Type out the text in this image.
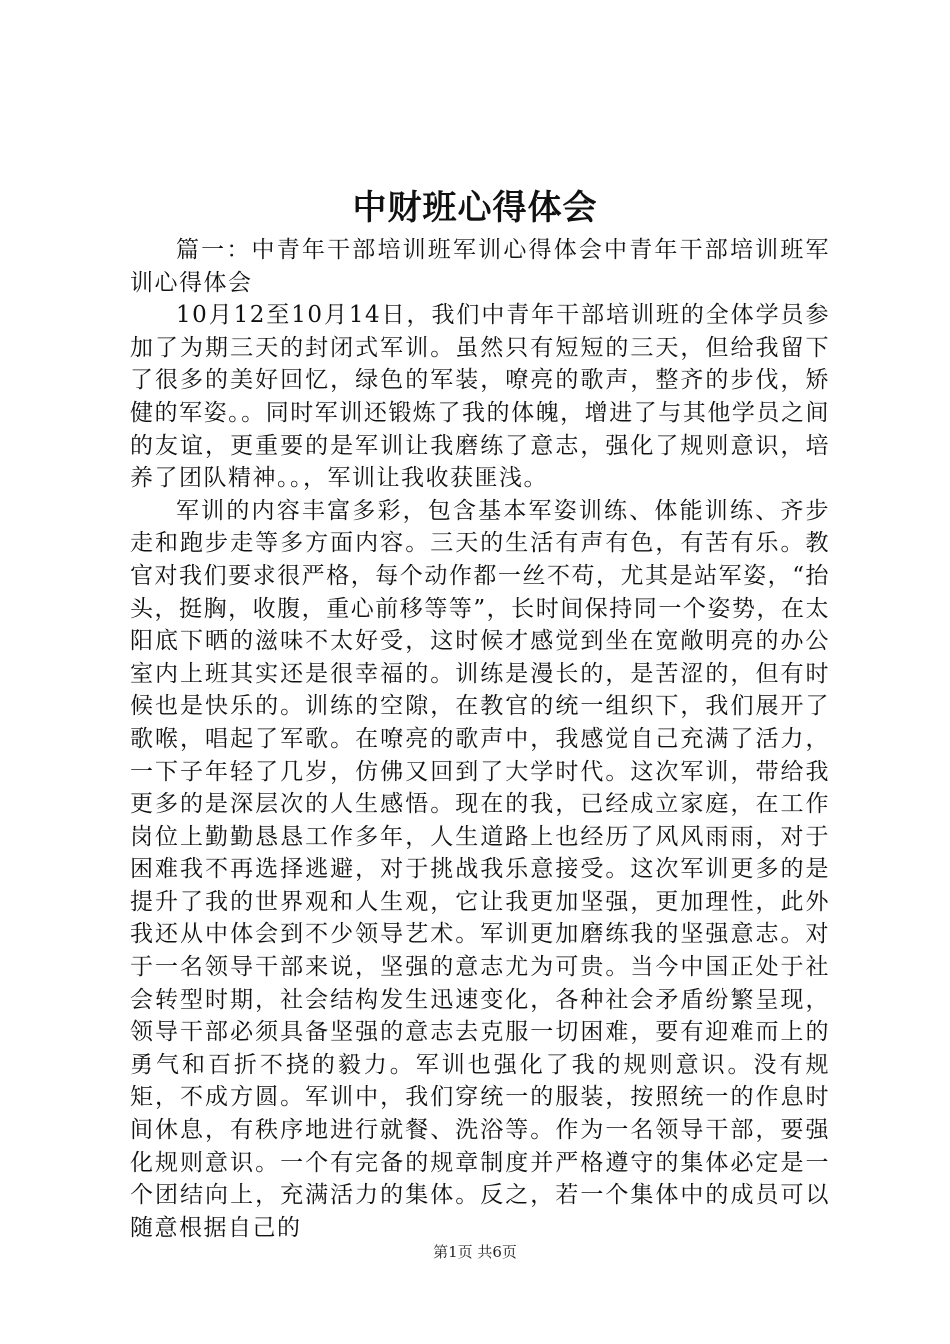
中财班心得体会

篇一：中青年干部培训班军训心得体会中青年干部培训班军训心得体会

10月12至10月14日，我们中青年干部培训班的全体学员参加了为期三天的封闭式军训。虽然只有短短的三天，但给我留下了很多的美好回忆，绿色的军装，嘹亮的歌声，整齐的步伐，矫健的军姿。。同时军训还锻炼了我的体魄，增进了与其他学员之间的友谊，更重要的是军训让我磨练了意志，强化了规则意识，培养了团队精神。。，军训让我收获匪浅。

军训的内容丰富多彩，包含基本军姿训练、体能训练、齐步走和跑步走等多方面内容。三天的生活有声有色，有苦有乐。教官对我们要求很严格，每个动作都一丝不苟，尤其是站军姿，“抬头，挺胸，收腹，重心前移等等”，长时间保持同一个姿势，在太阳底下晒的滋味不太好受，这时候才感觉到坐在宽敞明亮的办公室内上班其实还是很幸福的。训练是漫长的，是苦涩的，但有时候也是快乐的。训练的空隙，在教官的统一组织下，我们展开了歌喉，唱起了军歌。在嘹亮的歌声中，我感觉自己充满了活力，一下子年轻了几岁，仿佛又回到了大学时代。这次军训，带给我更多的是深层次的人生感悟。现在的我，已经成立家庭，在工作岗位上勤勤恳恳工作多年，人生道路上也经历了风风雨雨，对于困难我不再选择逃避，对于挑战我乐意接受。这次军训更多的是提升了我的世界观和人生观，它让我更加坚强，更加理性，此外我还从中体会到不少领导艺术。军训更加磨练我的坚强意志。对于一名领导干部来说，坚强的意志尤为可贵。当今中国正处于社会转型时期，社会结构发生迅速变化，各种社会矛盾纷繁呈现，领导干部必须具备坚强的意志去克服一切困难，要有迎难而上的勇气和百折不挠的毅力。军训也强化了我的规则意识。没有规矩，不成方圆。军训中，我们穿统一的服装，按照统一的作息时间休息，有秩序地进行就餐、洗浴等。作为一名领导干部，要强化规则意识。一个有完备的规章制度并严格遵守的集体必定是一个团结向上，充满活力的集体。反之，若一个集体中的成员可以随意根据自己的

第1页 共6页
